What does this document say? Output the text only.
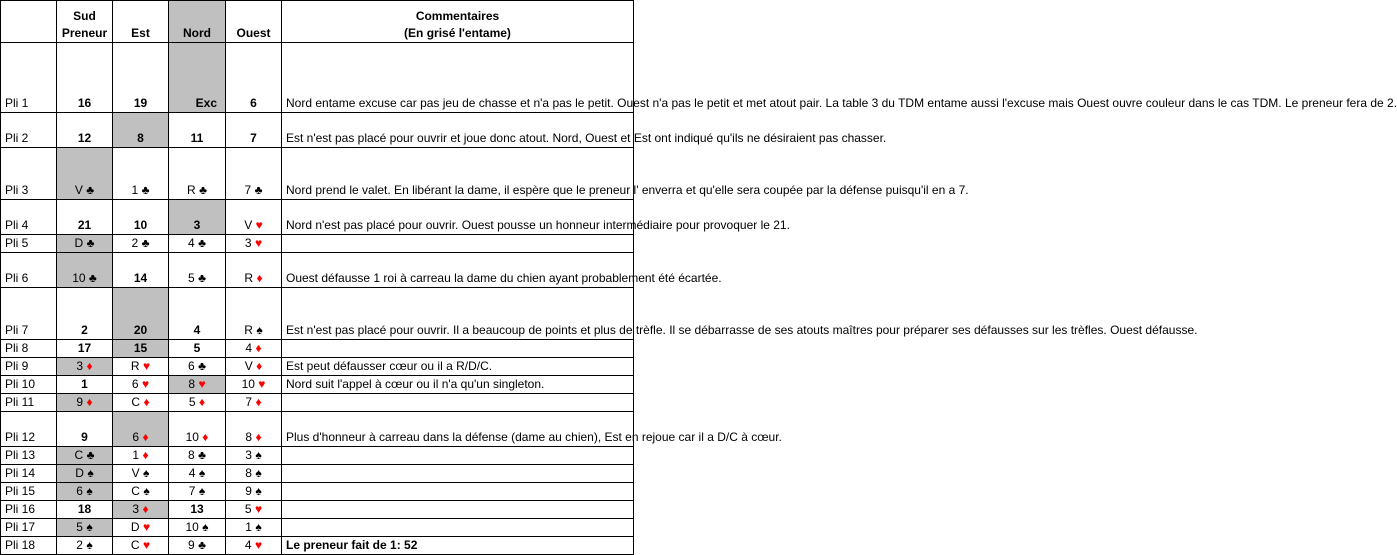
	Sud
Preneur	Est	Nord	Ouest	Commentaires
(En grisé l'entame)
Pli 1	16	19	Exc	6	Nord entame excuse car pas jeu de chasse et n'a pas le petit. Ouest n'a pas le petit et met atout pair. La table 3 du TDM entame aussi l'excuse mais Ouest ouvre couleur dans le cas TDM. Le preneur fera de 2.
Pli 2	12	8	11	7	Est n'est pas placé pour ouvrir et joue donc atout. Nord, Ouest et Est ont indiqué qu'ils ne désiraient pas chasser.
Pli 3	V ♣	1 ♣	R ♣	7 ♣	Nord prend le valet. En libérant la dame, il espère que le preneur l' enverra et qu'elle sera coupée par la défense puisqu'il en a 7.
Pli 4	21	10	3	V ♥	Nord n'est pas placé pour ouvrir. Ouest pousse un honneur intermédiaire pour provoquer le 21.
Pli 5	D ♣	2 ♣	4 ♣	3 ♥	
Pli 6	10 ♣	14	5 ♣	R ♦	Ouest défausse 1 roi à carreau la dame du chien ayant probablement été écartée.
Pli 7	2	20	4	R ♠	Est n'est pas placé pour ouvrir. Il a beaucoup de points et plus de trèfle. Il se débarrasse de ses atouts maîtres pour préparer ses défausses sur les trèfles. Ouest défausse.
Pli 8	17	15	5	4 ♦	
Pli 9	3 ♦	R ♥	6 ♣	V ♦	Est peut défausser cœur ou il a R/D/C.
Pli 10	1	6 ♥	8 ♥	10 ♥	Nord suit l'appel à cœur ou il n'a qu'un singleton.
Pli 11	9 ♦	C ♦	5 ♦	7 ♦	
Pli 12	9	6 ♦	10 ♦	8 ♦	Plus d'honneur à carreau dans la défense (dame au chien), Est en rejoue car il a D/C à cœur.
Pli 13	C ♣	1 ♦	8 ♣	3 ♠	
Pli 14	D ♠	V ♠	4 ♠	8 ♠	
Pli 15	6 ♠	C ♠	7 ♠	9 ♠	
Pli 16	18	3 ♦	13	5 ♥	
Pli 17	5 ♠	D ♥	10 ♠	1 ♠	
Pli 18	2 ♠	C ♥	9 ♣	4 ♥	Le preneur fait de 1: 52
